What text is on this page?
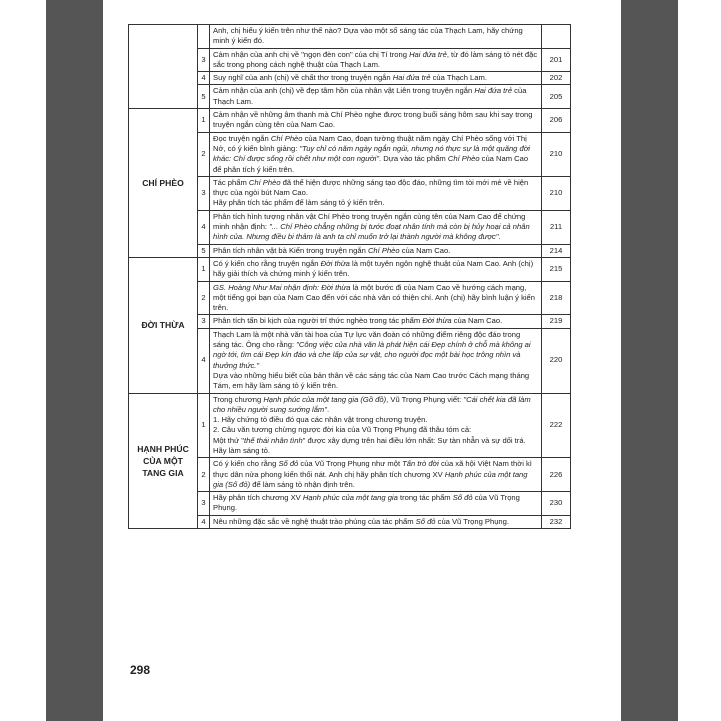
		Anh, chị hiểu ý kiến trên như thế nào? Dựa vào một số sáng tác của Thạch Lam, hãy chứng minh ý kiến đó.	
	3	Cảm nhận của anh chị về "ngọn đèn con" của chị Tí trong Hai đứa trẻ, từ đó làm sáng tỏ nét đặc sắc trong phong cách nghệ thuật của Thạch Lam.	201
	4	Suy nghĩ của anh (chị) về chất thơ trong truyện ngắn Hai đứa trẻ của Thạch Lam.	202
	5	Cảm nhận của anh (chị) về đẹp tâm hồn của nhân vật Liên trong truyện ngắn Hai đứa trẻ của Thạch Lam.	205
CHÍ PHÈO	1	Cảm nhận về những âm thanh mà Chí Phèo nghe được trong buổi sáng hôm sau khi say trong truyện ngắn cùng tên của Nam Cao.	206
	2	Đọc truyện ngắn Chí Phèo của Nam Cao, đoạn tường thuật năm ngày Chí Phèo sống với Thị Nở, có ý kiến bình giảng: "Tuy chỉ có năm ngày ngắn ngủi, nhưng nó thực sự là một quãng đời khác: Chí được sống rồi chết như một con người". Dựa vào tác phẩm Chí Phèo của Nam Cao để phân tích ý kiến trên.	210
	3	Tác phẩm Chí Phèo đã thể hiện được những sáng tạo độc đáo, những tìm tòi mới mẻ về hiện thực của ngòi bút Nam Cao.
Hãy phân tích tác phẩm để làm sáng tỏ ý kiến trên.	210
	4	Phân tích hình tượng nhân vật Chí Phèo trong truyện ngắn cùng tên của Nam Cao để chứng minh nhận định: "... Chí Phèo chẳng những bị tước đoạt nhân tính mà còn bị hủy hoại cả nhân hình của. Nhưng điều bi thảm là anh ta chỉ muốn trở lại thành người mà không được".	211
	5	Phân tích nhân vật bà Kiến trong truyện ngắn Chí Phèo của Nam Cao.	214
ĐỜI THỪA	1	Có ý kiến cho rằng truyện ngắn Đời thừa là một tuyên ngôn nghệ thuật của Nam Cao. Anh (chị) hãy giải thích và chứng minh ý kiến trên.	215
	2	GS. Hoàng Như Mai nhận định: Đời thừa là một bước đi của Nam Cao về hướng cách mạng, một tiếng gọi bạn của Nam Cao đến với các nhà văn có thiện chí. Anh (chị) hãy bình luận ý kiến trên.	218
	3	Phân tích tấn bi kịch của người trí thức nghèo trong tác phẩm Đời thừa của Nam Cao.	219
	4	Thạch Lam là một nhà văn tài hoa của Tự lực văn đoàn có những điểm riêng độc đáo trong sáng tác. Ông cho rằng: "Công việc của nhà văn là phát hiện cái Đẹp chính ở chỗ mà không ai ngờ tới, tìm cái Đẹp kín đáo và che lấp của sự vật, cho người đọc một bài học trông nhìn và thưởng thức."
Dựa vào những hiểu biết của bản thân về các sáng tác của Nam Cao trước Cách mạng tháng Tám, em hãy làm sáng tỏ ý kiến trên.	220
HẠNH PHÚC CỦA MỘT TANG GIA	1	Trong chương Hạnh phúc của một tang gia (Gồ đồ), Vũ Trọng Phụng viết: "Cái chết kia đã làm cho nhiều người sung sướng lắm".
1. Hãy chứng tỏ điều đó qua các nhân vật trong chương truyện.
2. Câu văn tương chừng ngược đời kia của Vũ Trọng Phụng đã thâu tóm cả:
Một thứ "thế thái nhân tình" được xây dựng trên hai điều lớn nhất: Sự tàn nhẫn và sự dối trá. Hãy làm sáng tỏ.	222
	2	Có ý kiến cho rằng Số đỏ của Vũ Trọng Phụng như một Tấn trò đời của xã hội Việt Nam thời kì thực dân nửa phong kiến thối nát. Anh chị hãy phân tích chương XV Hạnh phúc của một tang gia (Số đỏ) để làm sáng tỏ nhận định trên.	226
	3	Hãy phân tích chương XV Hạnh phúc của một tang gia trong tác phẩm Số đỏ của Vũ Trọng Phụng.	230
	4	Nêu những đặc sắc về nghệ thuật trào phúng của tác phẩm Số đỏ của Vũ Trọng Phụng.	232
298
